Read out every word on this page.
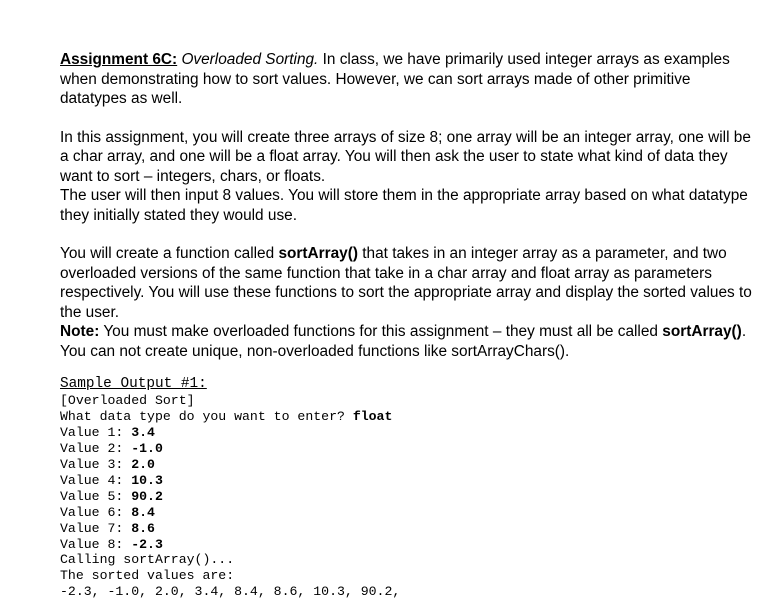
Assignment 6C: Overloaded Sorting. In class, we have primarily used integer arrays as examples when demonstrating how to sort values. However, we can sort arrays made of other primitive datatypes as well.

In this assignment, you will create three arrays of size 8; one array will be an integer array, one will be a char array, and one will be a float array. You will then ask the user to state what kind of data they want to sort – integers, chars, or floats.

The user will then input 8 values. You will store them in the appropriate array based on what datatype they initially stated they would use.

You will create a function called sortArray() that takes in an integer array as a parameter, and two overloaded versions of the same function that take in a char array and float array as parameters respectively. You will use these functions to sort the appropriate array and display the sorted values to the user.

Note: You must make overloaded functions for this assignment – they must all be called sortArray(). You can not create unique, non-overloaded functions like sortArrayChars().

Sample Output #1:
[Overloaded Sort]
What data type do you want to enter? float
Value 1: 3.4
Value 2: -1.0
Value 3: 2.0
Value 4: 10.3
Value 5: 90.2
Value 6: 8.4
Value 7: 8.6
Value 8: -2.3
Calling sortArray()...
The sorted values are:
-2.3, -1.0, 2.0, 3.4, 8.4, 8.6, 10.3, 90.2,
